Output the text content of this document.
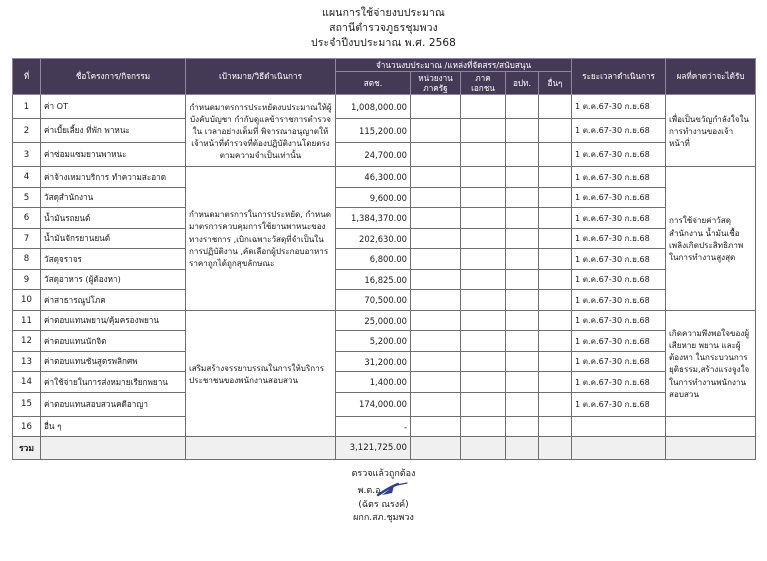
แผนการใช้จ่ายงบประมาณ
สถานีตำรวจภูธรชุมพวง
ประจำปีงบประมาณ พ.ศ. 2568
ที่	ชื่อโครงการ/กิจกรรม	เป้าหมาย/วิธีดำเนินการ	จำนวนงบประมาณ /แหล่งที่จัดสรร/สนับสนุน					ระยะเวลาดำเนินการ	ผลที่คาดว่าจะได้รับ
			สตช.	หน่วยงานภาครัฐ	ภาคเอกชน	อปท.	อื่นๆ		
1	ค่า OT	กำหนดมาตรการประหยัดงบประมาณให้ผู้บังคับบัญชา กำกับดูแลข้าราชการตำรวจใน เวลาอย่างเต็มที่ พิจารณาอนุญาตให้เจ้าหน้าที่ตำรวจที่ต้องปฏิบัติงานโดยตรง ตามความจำเป็นเท่านั้น	1,008,000.00					1 ต.ค.67-30 ก.ย.68	เพื่อเป็นขวัญกำลังใจในการทำงานของเจ้าหน้าที่
2	ค่าเบี้ยเลี้ยง ที่พัก พาหนะ		115,200.00					1 ต.ค.67-30 ก.ย.68	
3	ค่าซ่อมแซมยานพาหนะ		24,700.00					1 ต.ค.67-30 ก.ย.68	
4	ค่าจ้างเหมาบริการ ทำความสะอาด	กำหนดมาตรการในการประหยัด, กำหนดมาตรการควบคุมการใช้ยานพาหนะของทางราชการ ,เบิกเฉพาะวัสดุที่จำเป็นในการปฏิบัติงาน ,คัดเลือกผู้ประกอบอาหารราคาถูกได้ถูกสุขลักษณะ	46,300.00					1 ต.ค.67-30 ก.ย.68	การใช้จ่ายค่าวัสดุสำนักงาน น้ำมันเชื้อเพลิงเกิดประสิทธิภาพในการทำงานสูงสุด
5	วัสดุสำนักงาน		9,600.00					1 ต.ค.67-30 ก.ย.68	
6	น้ำมันรถยนต์		1,384,370.00					1 ต.ค.67-30 ก.ย.68	
7	น้ำมันจักรยานยนต์		202,630.00					1 ต.ค.67-30 ก.ย.68	
8	วัสดุจราจร		6,800.00					1 ต.ค.67-30 ก.ย.68	
9	วัสดุอาหาร (ผู้ต้องหา)		16,825.00					1 ต.ค.67-30 ก.ย.68	
10	ค่าสาธารณูปโภค		70,500.00					1 ต.ค.67-30 ก.ย.68	
11	ค่าตอบแทนพยาน/คุ้มครองพยาน	เสริมสร้างจรรยาบรรณในการให้บริการประชาชนของพนักงานสอบสวน	25,000.00					1 ต.ค.67-30 ก.ย.68	เกิดความพึงพอใจของผู้เสียหาย พยาน และผู้ต้องหา ในกระบวนการยุติธรรม,สร้างแรงจูงใจในการทำงานพนักงานสอบสวน
12	ค่าตอบแทนนักจิต		5,200.00					1 ต.ค.67-30 ก.ย.68	
13	ค่าตอบแทนชันสูตรพลิกศพ		31,200.00					1 ต.ค.67-30 ก.ย.68	
14	ค่าใช้จ่ายในการส่งหมายเรียกพยาน		1,400.00					1 ต.ค.67-30 ก.ย.68	
15	ค่าตอบแทนสอบสวนคดีอาญา		174,000.00					1 ต.ค.67-30 ก.ย.68	
16	อื่น ๆ		-						
รวม			3,121,725.00						
ตรวจแล้วถูกต้อง
พ.ต.อ.
(ฉัตร ณรงค์)
ผกก.สภ.ชุมพวง
